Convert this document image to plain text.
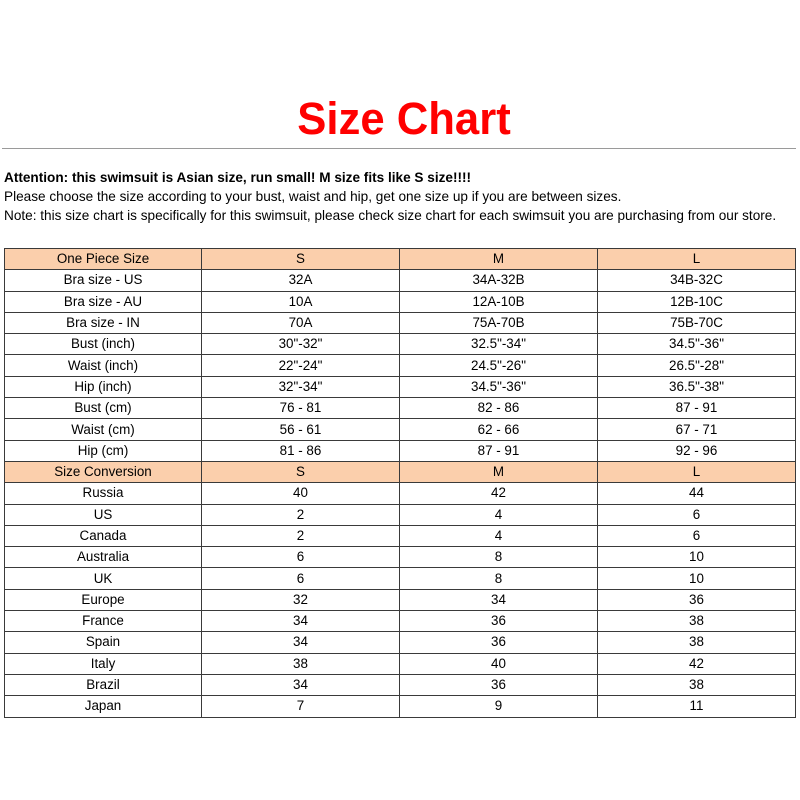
Size Chart
Attention: this swimsuit is Asian size, run small! M size fits like S size!!!!
Please choose the size according to your bust, waist and hip, get one size up if you are between sizes.
Note: this size chart is specifically for this swimsuit, please check size chart for each swimsuit you are purchasing from our store.
One Piece Size	S	M	L
Bra size - US	32A	34A-32B	34B-32C
Bra size - AU	10A	12A-10B	12B-10C
Bra size - IN	70A	75A-70B	75B-70C
Bust (inch)	30"-32"	32.5"-34"	34.5"-36"
Waist (inch)	22"-24"	24.5"-26"	26.5"-28"
Hip (inch)	32"-34"	34.5"-36"	36.5"-38"
Bust (cm)	76 - 81	82 - 86	87 - 91
Waist (cm)	56 - 61	62 - 66	67 - 71
Hip (cm)	81 - 86	87 - 91	92 - 96
Size Conversion	S	M	L
Russia	40	42	44
US	2	4	6
Canada	2	4	6
Australia	6	8	10
UK	6	8	10
Europe	32	34	36
France	34	36	38
Spain	34	36	38
Italy	38	40	42
Brazil	34	36	38
Japan	7	9	11
